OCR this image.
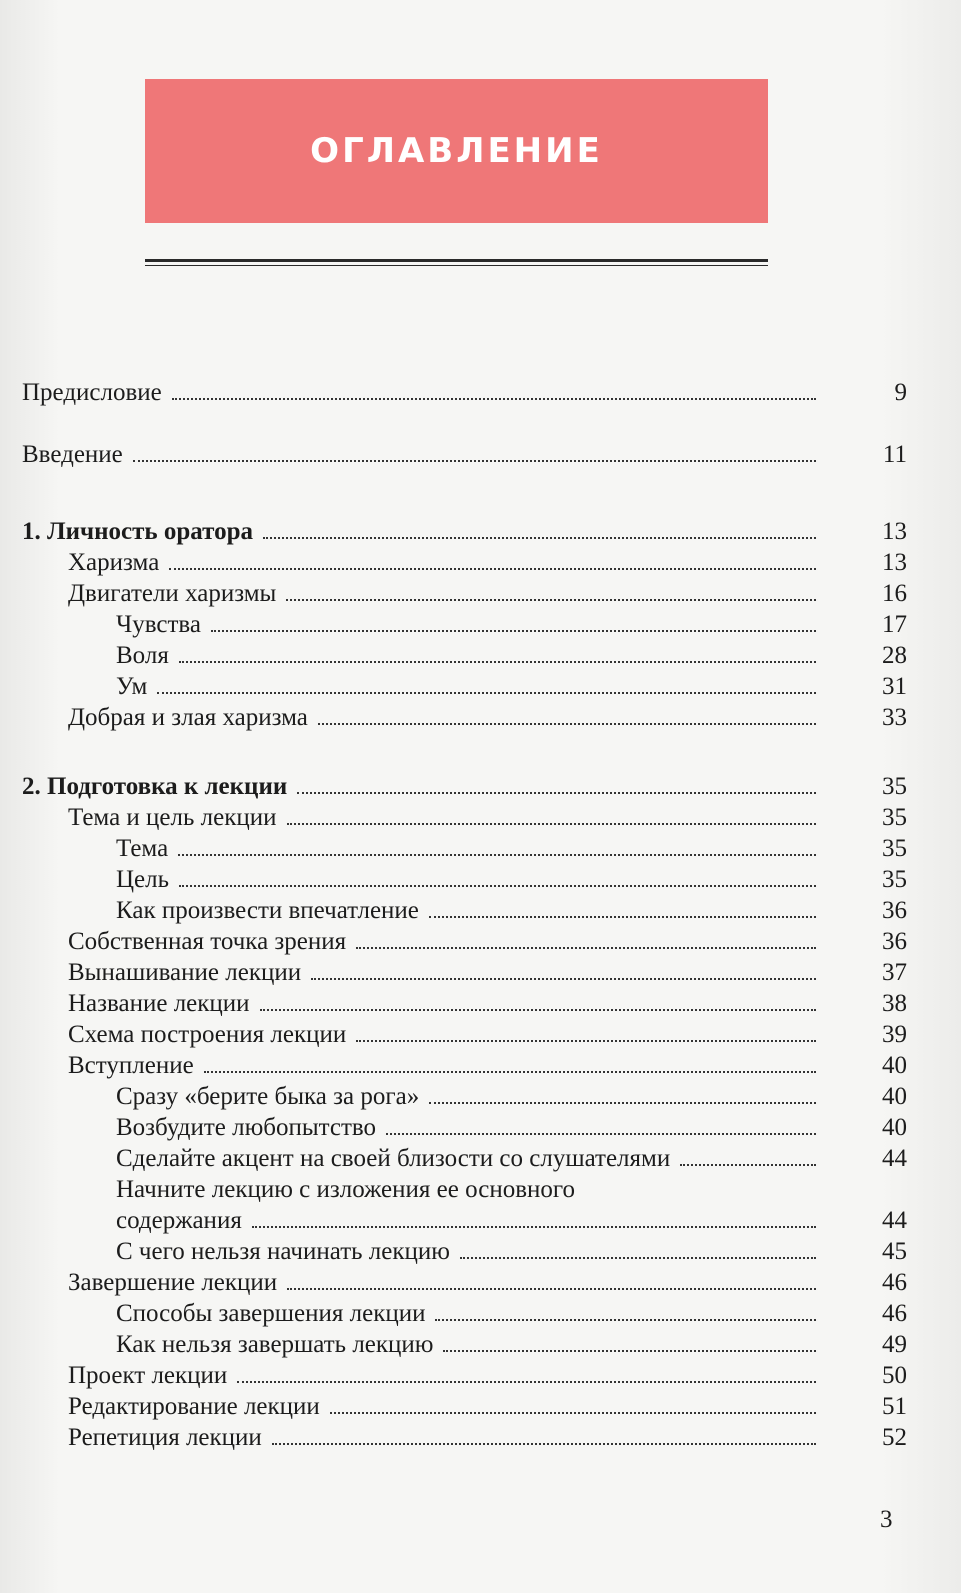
ОГЛАВЛЕНИЕ
Предисловие	9
Введение	11
1. Личность оратора	13
Харизма	13
Двигатели харизмы	16
Чувства	17
Воля	28
Ум	31
Добрая и злая харизма	33
2. Подготовка к лекции	35
Тема и цель лекции	35
Тема	35
Цель	35
Как произвести впечатление	36
Собственная точка зрения	36
Вынашивание лекции	37
Название лекции	38
Схема построения лекции	39
Вступление	40
Сразу «берите быка за рога»	40
Возбудите любопытство	40
Сделайте акцент на своей близости со слушателями	44
Начните лекцию с изложения ее основного
содержания	44
С чего нельзя начинать лекцию	45
Завершение лекции	46
Способы завершения лекции	46
Как нельзя завершать лекцию	49
Проект лекции	50
Редактирование лекции	51
Репетиция лекции	52
3
